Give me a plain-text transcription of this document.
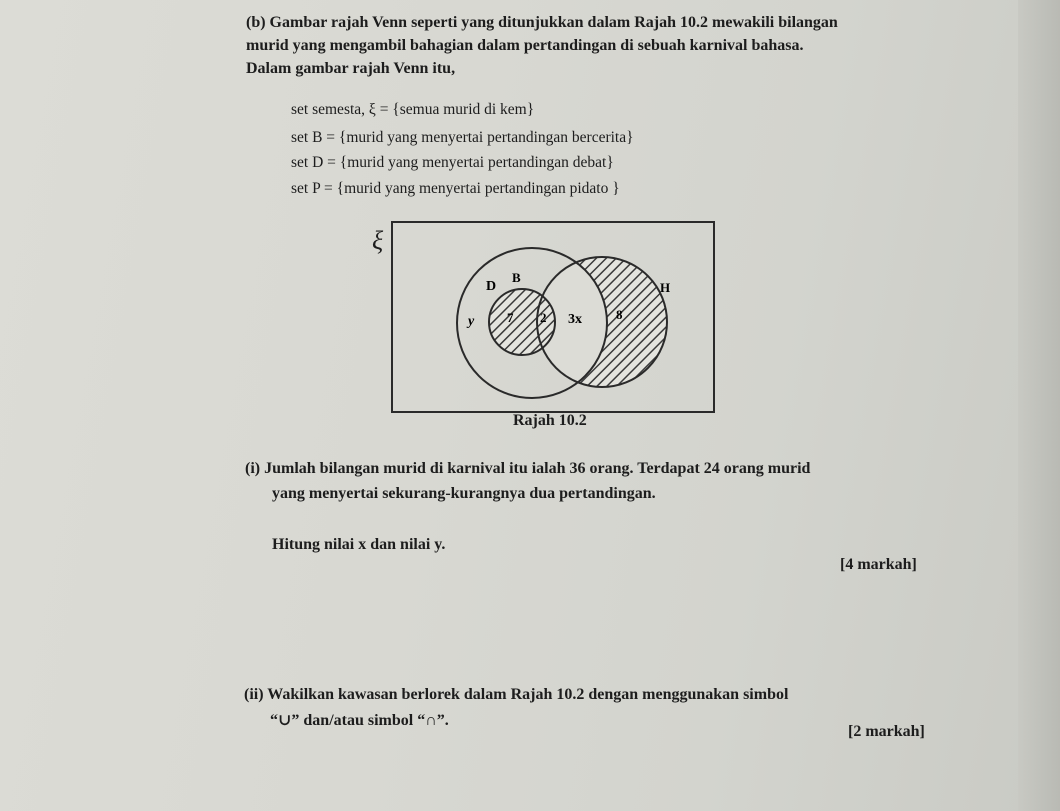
(b) Gambar rajah Venn seperti yang ditunjukkan dalam Rajah 10.2 mewakili bilangan
murid yang mengambil bahagian dalam pertandingan di sebuah karnival bahasa.
Dalam gambar rajah Venn itu,
set semesta, ξ = {semua murid di kem}
set B = {murid yang menyertai pertandingan bercerita}
set D = {murid yang menyertai pertandingan debat}
set P = {murid yang menyertai pertandingan pidato }
ξ
D
B
H
y	7 2 3x	8
Rajah 10.2
(i) Jumlah bilangan murid di karnival itu ialah 36 orang. Terdapat 24 orang murid
yang menyertai sekurang-kurangnya dua pertandingan.
Hitung nilai x dan nilai y.
[4 markah]
(ii) Wakilkan kawasan berlorek dalam Rajah 10.2 dengan menggunakan simbol
“∪” dan/atau simbol “∩”.
[2 markah]
